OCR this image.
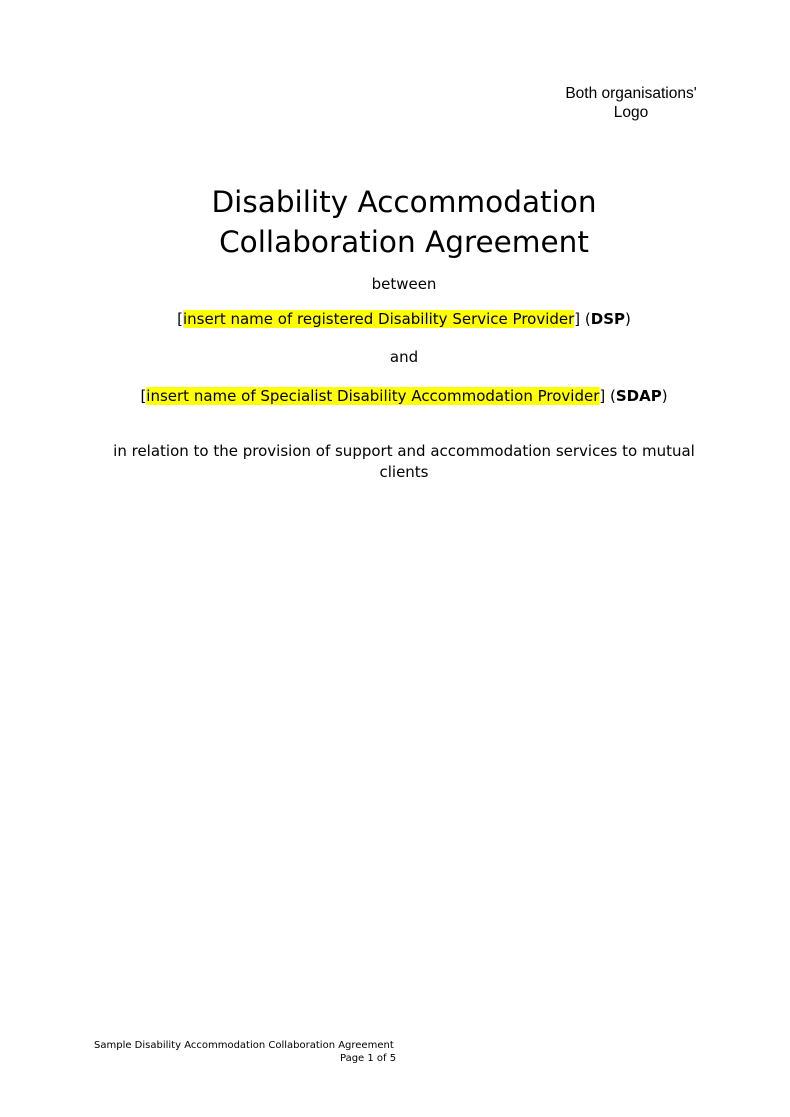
Both organisations'
Logo
Disability Accommodation
Collaboration Agreement
between
[insert name of registered Disability Service Provider] (DSP)
and
[insert name of Specialist Disability Accommodation Provider] (SDAP)
in relation to the provision of support and accommodation services to mutual clients
Sample Disability Accommodation Collaboration Agreement
Page 1 of 5
